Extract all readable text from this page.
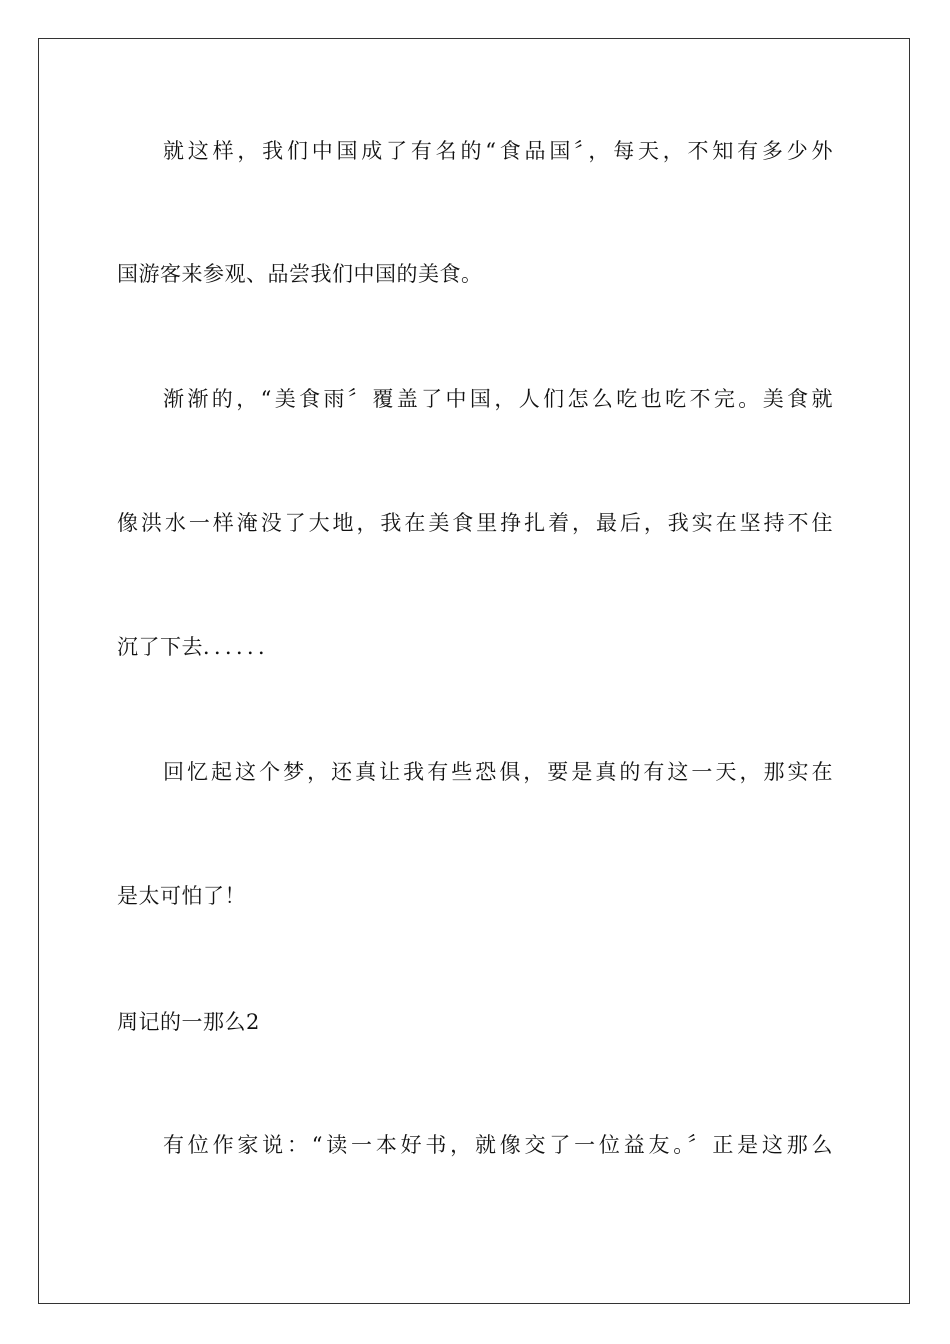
就这样，我们中国成了有名的“食品国〞，每天，不知有多少外
国游客来参观、品尝我们中国的美食。
渐渐的，“美食雨〞覆盖了中国，人们怎么吃也吃不完。美食就
像洪水一样淹没了大地，我在美食里挣扎着，最后，我实在坚持不住
沉了下去．．．．．．
回忆起这个梦，还真让我有些恐俱，要是真的有这一天，那实在
是太可怕了！
周记的一那么2
有位作家说：“读一本好书，就像交了一位益友。〞正是这那么
